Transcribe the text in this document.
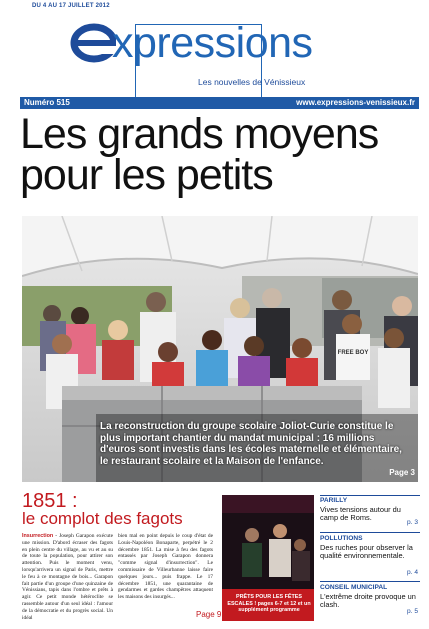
DU 4 AU 17 JUILLET 2012
xpressions
Les nouvelles de Vénissieux
Numéro 515	www.expressions-venissieux.fr
Les grands moyens
pour les petits
FREE BOY
La reconstruction du groupe scolaire Joliot-Curie constitue le plus important chantier du mandat municipal : 16 millions d'euros sont investis dans les écoles maternelle et élémentaire, le restaurant scolaire et la Maison de l'enfance.
Page 3
1851 :
le complot des fagots
Insurrection - Joseph Garapon exécute une mission. D'abord écraser des fagots en plein centre du village, au vu et au su de toute la population, pour attirer son attention. Puis le moment venu, lorsqu'arrivera un signal de Paris, mettre le feu à ce montagne de bois... Garapon fait partie d'un groupe d'une quinzaine de Vénissians, tapis dans l'ombre et prêts à agir. Ce petit monde hétéroclite se rassemble autour d'un seul idéal : l'amour de la démocratie et du progrès social. Un idéal
bien mal en point depuis le coup d'état de Louis-Napoléon Bonaparte, perpétré le 2 décembre 1851. La mise à feu des fagots entassés par Joseph Garapon donnera "comme signal d'insurrection". Le commissaire de Villeurbanne laisse faire quelques jours... puis frappe. Le 17 décembre 1851, une quarantaine de gendarmes et gardes champêtres attaquent les maisons des insurgés...
Page 9
PRÊTS POUR LES FÊTES ESCALES ! pages 6-7 et 12 et un supplément programme
PARILLY
Vives tensions autour du camp de Roms.
p. 3
POLLUTIONS
Des ruches pour observer la qualité environnementale.
p. 4
CONSEIL MUNICIPAL
L'extrême droite provoque un clash.
p. 5
